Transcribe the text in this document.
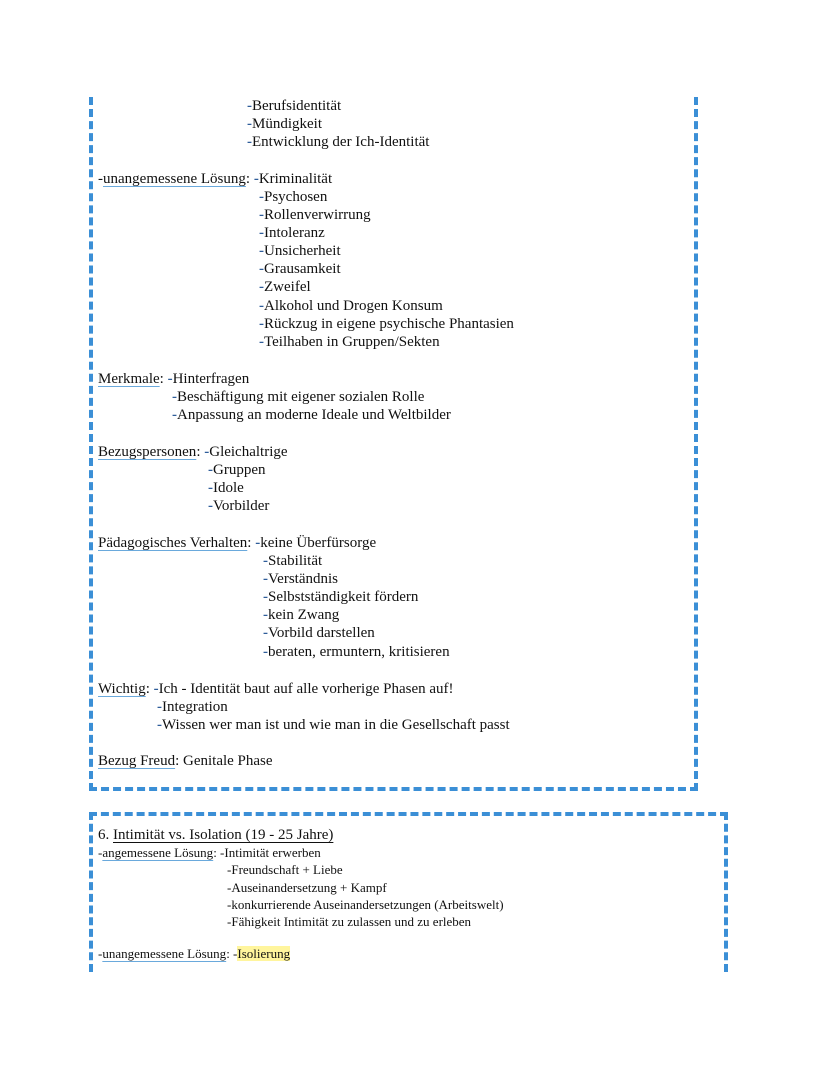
-Berufsidentität
-Mündigkeit
-Entwicklung der Ich-Identität
-unangemessene Lösung: -Kriminalität
-Psychosen
-Rollenverwirrung
-Intoleranz
-Unsicherheit
-Grausamkeit
-Zweifel
-Alkohol und Drogen Konsum
-Rückzug in eigene psychische Phantasien
-Teilhaben in Gruppen/Sekten
Merkmale: -Hinterfragen
-Beschäftigung mit eigener sozialen Rolle
-Anpassung an moderne Ideale und Weltbilder
Bezugspersonen: -Gleichaltrige
-Gruppen
-Idole
-Vorbilder
Pädagogisches Verhalten: -keine Überfürsorge
-Stabilität
-Verständnis
-Selbstständigkeit fördern
-kein Zwang
-Vorbild darstellen
-beraten, ermuntern, kritisieren
Wichtig: -Ich - Identität baut auf alle vorherige Phasen auf!
-Integration
-Wissen wer man ist und wie man in die Gesellschaft passt
Bezug Freud: Genitale Phase
6. Intimität vs. Isolation (19 - 25 Jahre)
-angemessene Lösung: -Intimität erwerben
-Freundschaft + Liebe
-Auseinandersetzung + Kampf
-konkurrierende Auseinandersetzungen (Arbeitswelt)
-Fähigkeit Intimität zu zulassen und zu erleben
-unangemessene Lösung: -Isolierung
